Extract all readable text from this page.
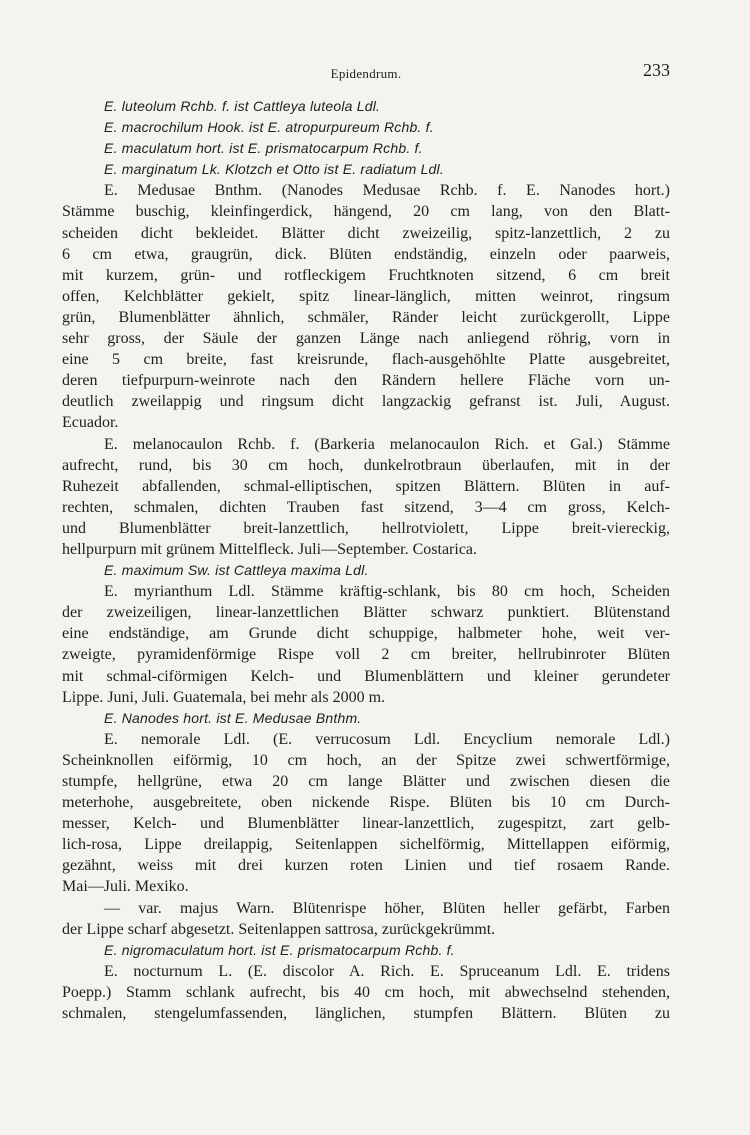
Epidendrum.	233
E. luteolum Rchb. f. ist Cattleya luteola Ldl.
E. macrochilum Hook. ist E. atropurpureum Rchb. f.
E. maculatum hort. ist E. prismatocarpum Rchb. f.
E. marginatum Lk. Klotzch et Otto ist E. radiatum Ldl.
E. Medusae Bnthm. (Nanodes Medusae Rchb. f. E. Nanodes hort.)
Stämme buschig, kleinfingerdick, hängend, 20 cm lang, von den Blatt-
scheiden dicht bekleidet. Blätter dicht zweizeilig, spitz-lanzettlich, 2 zu
6 cm etwa, graugrün, dick. Blüten endständig, einzeln oder paarweis,
mit kurzem, grün- und rotfleckigem Fruchtknoten sitzend, 6 cm breit
offen, Kelchblätter gekielt, spitz linear-länglich, mitten weinrot, ringsum
grün, Blumenblätter ähnlich, schmäler, Ränder leicht zurückgerollt, Lippe
sehr gross, der Säule der ganzen Länge nach anliegend röhrig, vorn in
eine 5 cm breite, fast kreisrunde, flach-ausgehöhlte Platte ausgebreitet,
deren tiefpurpurn-weinrote nach den Rändern hellere Fläche vorn un-
deutlich zweilappig und ringsum dicht langzackig gefranst ist. Juli, August.
Ecuador.
E. melanocaulon Rchb. f. (Barkeria melanocaulon Rich. et Gal.) Stämme
aufrecht, rund, bis 30 cm hoch, dunkelrotbraun überlaufen, mit in der
Ruhezeit abfallenden, schmal-elliptischen, spitzen Blättern. Blüten in auf-
rechten, schmalen, dichten Trauben fast sitzend, 3—4 cm gross, Kelch-
und Blumenblätter breit-lanzettlich, hellrotviolett, Lippe breit-viereckig,
hellpurpurn mit grünem Mittelfleck. Juli—September. Costarica.
E. maximum Sw. ist Cattleya maxima Ldl.
E. myrianthum Ldl. Stämme kräftig-schlank, bis 80 cm hoch, Scheiden
der zweizeiligen, linear-lanzettlichen Blätter schwarz punktiert. Blütenstand
eine endständige, am Grunde dicht schuppige, halbmeter hohe, weit ver-
zweigte, pyramidenförmige Rispe voll 2 cm breiter, hellrubinroter Blüten
mit schmal-ciförmigen Kelch- und Blumenblättern und kleiner gerundeter
Lippe. Juni, Juli. Guatemala, bei mehr als 2000 m.
E. Nanodes hort. ist E. Medusae Bnthm.
E. nemorale Ldl. (E. verrucosum Ldl. Encyclium nemorale Ldl.)
Scheinknollen eiförmig, 10 cm hoch, an der Spitze zwei schwertförmige,
stumpfe, hellgrüne, etwa 20 cm lange Blätter und zwischen diesen die
meterhohe, ausgebreitete, oben nickende Rispe. Blüten bis 10 cm Durch-
messer, Kelch- und Blumenblätter linear-lanzettlich, zugespitzt, zart gelb-
lich-rosa, Lippe dreilappig, Seitenlappen sichelförmig, Mittellappen eiförmig,
gezähnt, weiss mit drei kurzen roten Linien und tief rosaem Rande.
Mai—Juli. Mexiko.
— var. majus Warn. Blütenrispe höher, Blüten heller gefärbt, Farben
der Lippe scharf abgesetzt. Seitenlappen sattrosa, zurückgekrümmt.
E. nigromaculatum hort. ist E. prismatocarpum Rchb. f.
E. nocturnum L. (E. discolor A. Rich. E. Spruceanum Ldl. E. tridens
Poepp.) Stamm schlank aufrecht, bis 40 cm hoch, mit abwechselnd stehenden,
schmalen, stengelumfassenden, länglichen, stumpfen Blättern. Blüten zu
